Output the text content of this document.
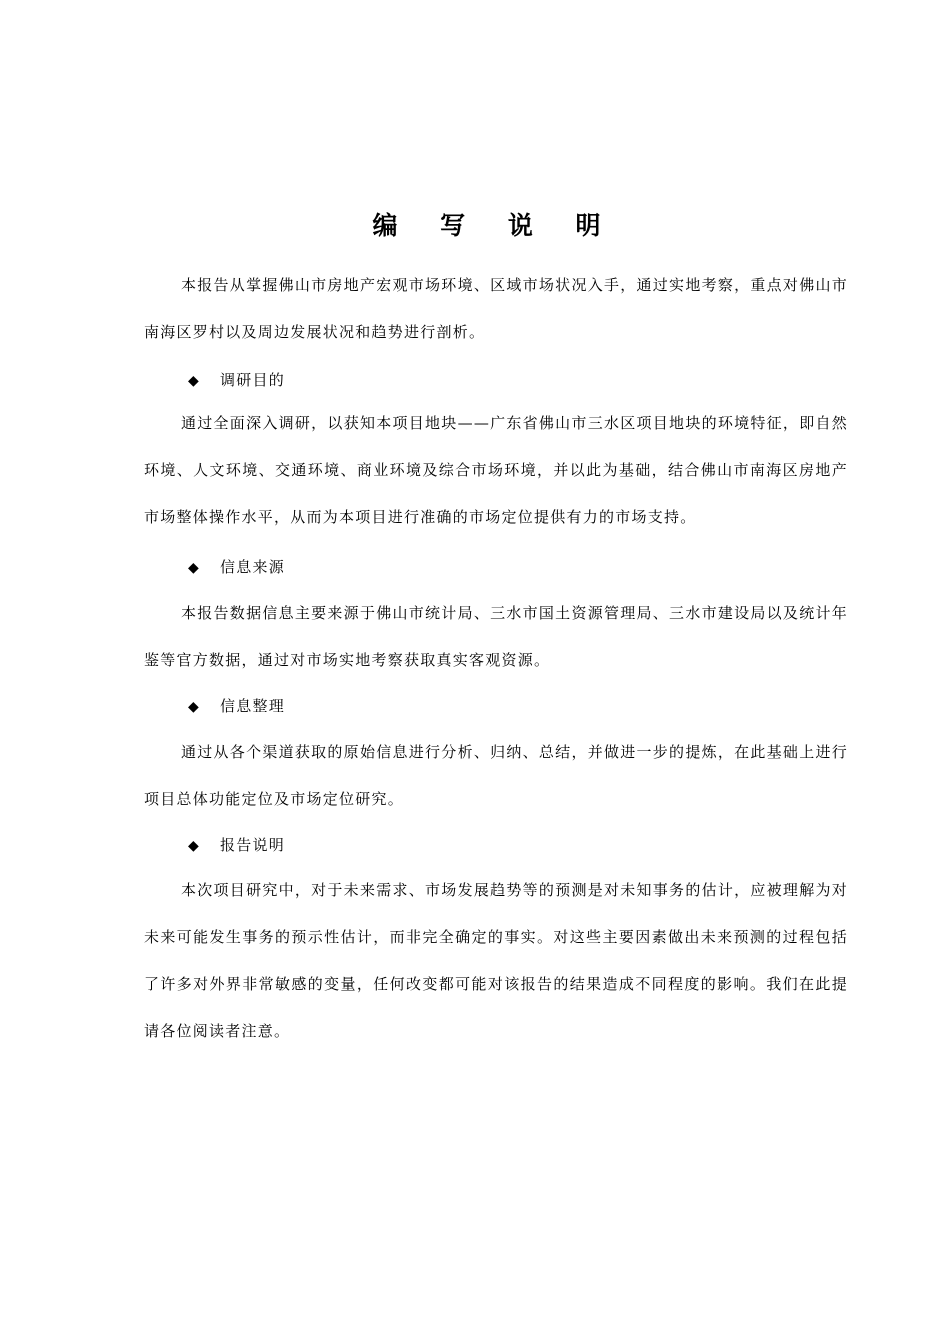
编 写 说 明
本报告从掌握佛山市房地产宏观市场环境、区域市场状况入手，通过实地考察，重点对佛山市南海区罗村以及周边发展状况和趋势进行剖析。
◆ 调研目的
通过全面深入调研，以获知本项目地块——广东省佛山市三水区项目地块的环境特征，即自然环境、人文环境、交通环境、商业环境及综合市场环境，并以此为基础，结合佛山市南海区房地产市场整体操作水平，从而为本项目进行准确的市场定位提供有力的市场支持。
◆ 信息来源
本报告数据信息主要来源于佛山市统计局、三水市国土资源管理局、三水市建设局以及统计年鉴等官方数据，通过对市场实地考察获取真实客观资源。
◆ 信息整理
通过从各个渠道获取的原始信息进行分析、归纳、总结，并做进一步的提炼，在此基础上进行项目总体功能定位及市场定位研究。
◆ 报告说明
本次项目研究中，对于未来需求、市场发展趋势等的预测是对未知事务的估计，应被理解为对未来可能发生事务的预示性估计，而非完全确定的事实。对这些主要因素做出未来预测的过程包括了许多对外界非常敏感的变量，任何改变都可能对该报告的结果造成不同程度的影响。我们在此提请各位阅读者注意。
